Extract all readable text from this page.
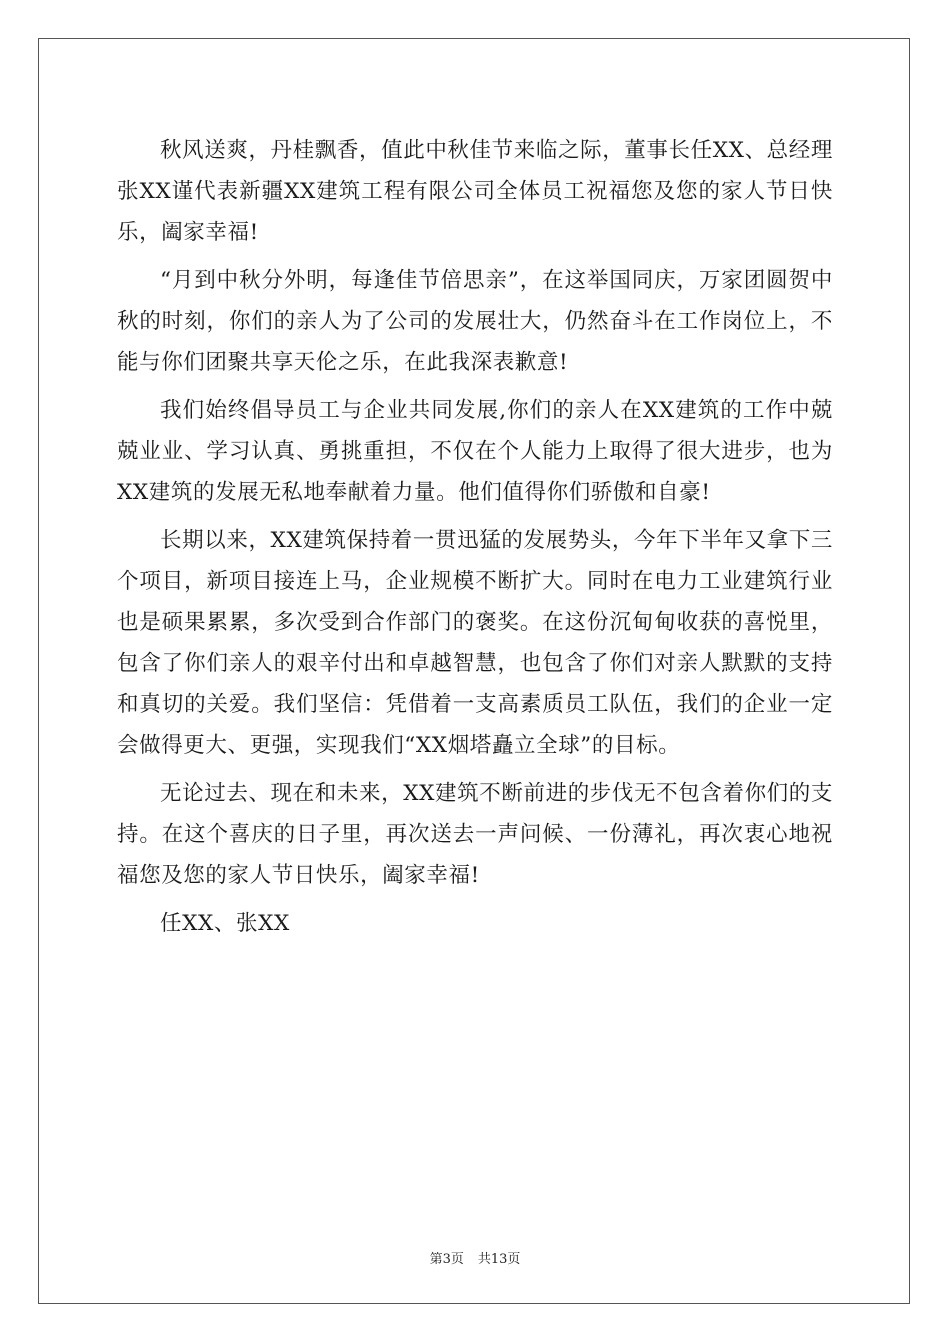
秋风送爽，丹桂飘香，值此中秋佳节来临之际，董事长任XX、总经理张XX谨代表新疆XX建筑工程有限公司全体员工祝福您及您的家人节日快乐，阖家幸福!

“月到中秋分外明，每逢佳节倍思亲”，在这举国同庆，万家团圆贺中秋的时刻，你们的亲人为了公司的发展壮大，仍然奋斗在工作岗位上，不能与你们团聚共享天伦之乐，在此我深表歉意!

我们始终倡导员工与企业共同发展,你们的亲人在XX建筑的工作中兢兢业业、学习认真、勇挑重担，不仅在个人能力上取得了很大进步，也为XX建筑的发展无私地奉献着力量。他们值得你们骄傲和自豪!

长期以来，XX建筑保持着一贯迅猛的发展势头，今年下半年又拿下三个项目，新项目接连上马，企业规模不断扩大。同时在电力工业建筑行业也是硕果累累，多次受到合作部门的褒奖。在这份沉甸甸收获的喜悦里，包含了你们亲人的艰辛付出和卓越智慧，也包含了你们对亲人默默的支持和真切的关爱。我们坚信：凭借着一支高素质员工队伍，我们的企业一定会做得更大、更强，实现我们“XX烟塔矗立全球”的目标。

无论过去、现在和未来，XX建筑不断前进的步伐无不包含着你们的支持。在这个喜庆的日子里，再次送去一声问候、一份薄礼，再次衷心地祝福您及您的家人节日快乐，阖家幸福!

任XX、张XX

第3页 共13页
